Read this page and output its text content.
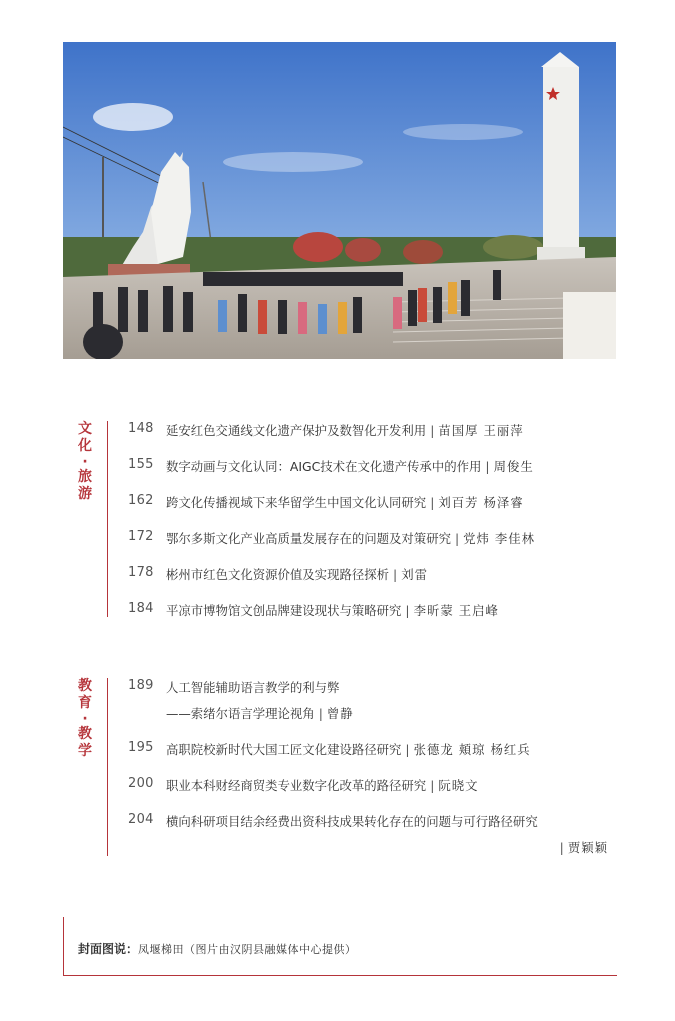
文
化
·
旅
游
148 延安红色交通线文化遗产保护及数智化开发利用 | 苗国厚 王丽萍
155 数字动画与文化认同：AIGC技术在文化遗产传承中的作用 | 周俊生
162 跨文化传播视域下来华留学生中国文化认同研究 | 刘百芳 杨泽睿
172 鄂尔多斯文化产业高质量发展存在的问题及对策研究 | 党炜 李佳林
178 彬州市红色文化资源价值及实现路径探析 | 刘雷
184 平凉市博物馆文创品牌建设现状与策略研究 | 李昕蒙 王启峰
教
育
·
教
学
189 人工智能辅助语言教学的利与弊
——索绪尔语言学理论视角 | 曾静
195 高职院校新时代大国工匠文化建设路径研究 | 张德龙 頬琼 杨红兵
200 职业本科财经商贸类专业数字化改革的路径研究 | 阮晓文
204 横向科研项目结余经费出资科技成果转化存在的问题与可行路径研究
| 贾颖颖
封面图说：凤堰梯田（图片由汉阴县融媒体中心提供）
